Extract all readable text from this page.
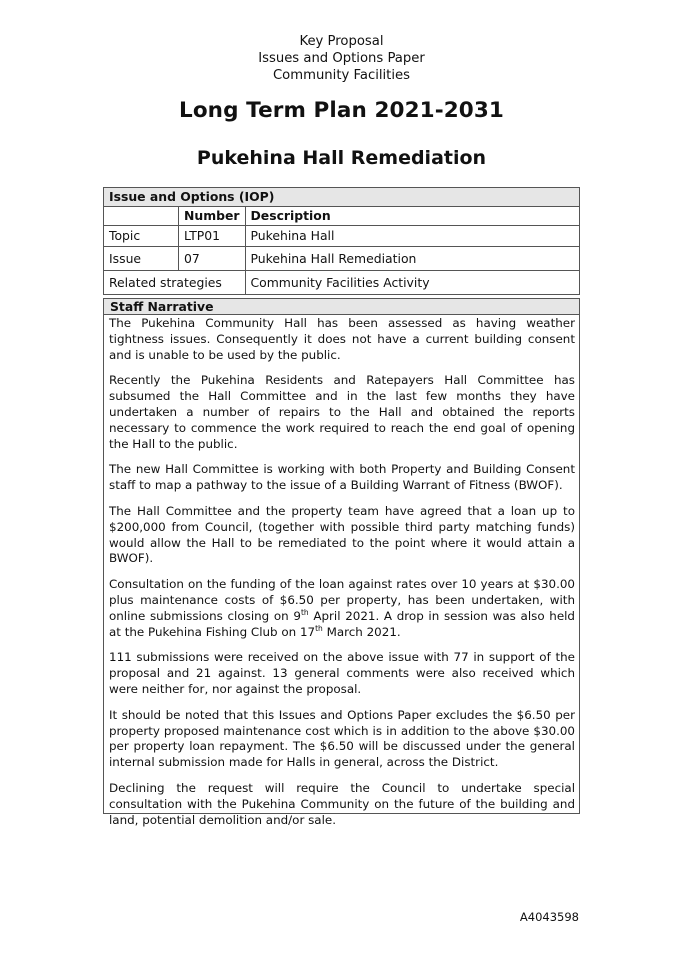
Key Proposal
Issues and Options Paper
Community Facilities
Long Term Plan 2021-2031
Pukehina Hall Remediation
Issue and Options (IOP)		
	Number	Description
Topic	LTP01	Pukehina Hall
Issue	07	Pukehina Hall Remediation
Related strategies		Community Facilities Activity
Staff Narrative

The Pukehina Community Hall has been assessed as having weather tightness issues. Consequently it does not have a current building consent and is unable to be used by the public.

Recently the Pukehina Residents and Ratepayers Hall Committee has subsumed the Hall Committee and in the last few months they have undertaken a number of repairs to the Hall and obtained the reports necessary to commence the work required to reach the end goal of opening the Hall to the public.

The new Hall Committee is working with both Property and Building Consent staff to map a pathway to the issue of a Building Warrant of Fitness (BWOF).

The Hall Committee and the property team have agreed that a loan up to $200,000 from Council, (together with possible third party matching funds) would allow the Hall to be remediated to the point where it would attain a BWOF).

Consultation on the funding of the loan against rates over 10 years at $30.00 plus maintenance costs of $6.50 per property, has been undertaken, with online submissions closing on 9th April 2021. A drop in session was also held at the Pukehina Fishing Club on 17th March 2021.

111 submissions were received on the above issue with 77 in support of the proposal and 21 against. 13 general comments were also received which were neither for, nor against the proposal.

It should be noted that this Issues and Options Paper excludes the $6.50 per property proposed maintenance cost which is in addition to the above $30.00 per property loan repayment. The $6.50 will be discussed under the general internal submission made for Halls in general, across the District.

Declining the request will require the Council to undertake special consultation with the Pukehina Community on the future of the building and land, potential demolition and/or sale.

A4043598
